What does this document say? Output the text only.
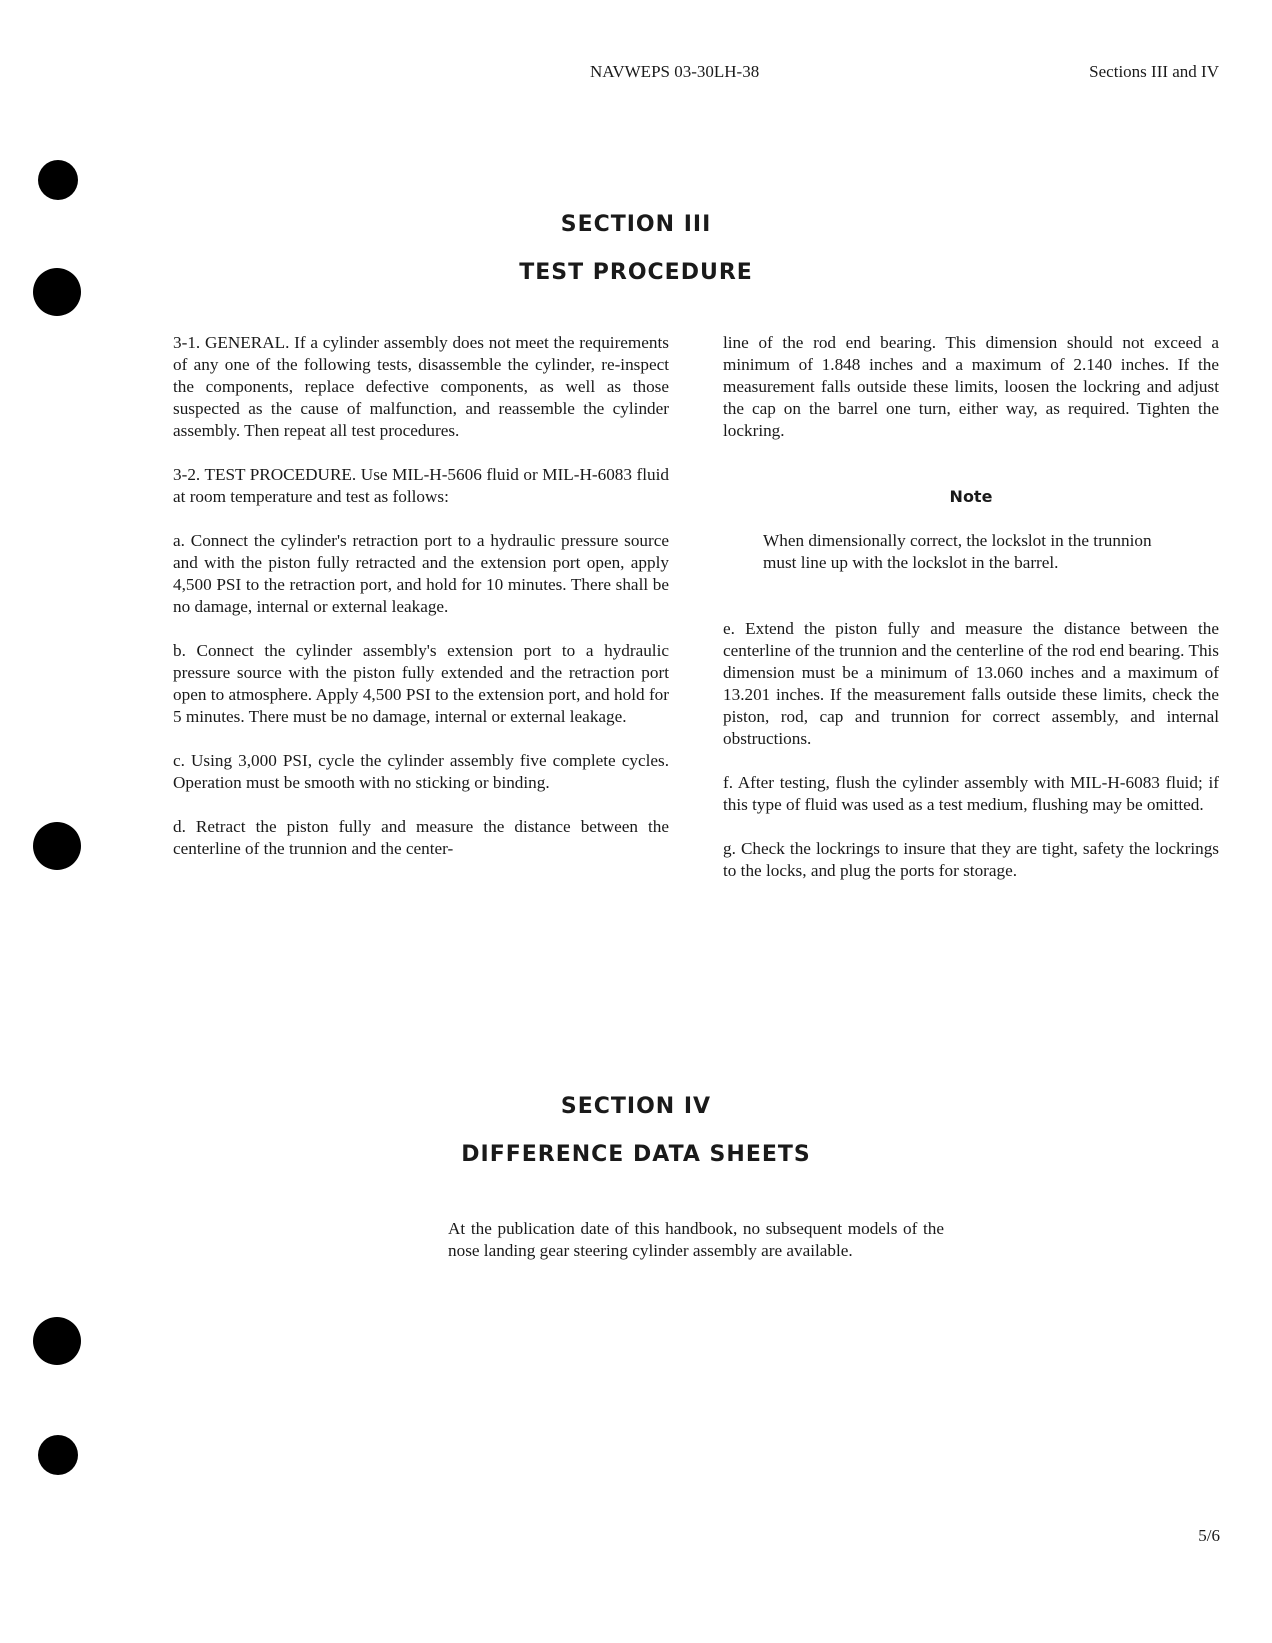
NAVWEPS 03-30LH-38	Sections III and IV
SECTION III
TEST PROCEDURE

3-1. GENERAL. If a cylinder assembly does not meet the requirements of any one of the following tests, disassemble the cylinder, re-inspect the components, replace defective components, as well as those suspected as the cause of malfunction, and reassemble the cylinder assembly. Then repeat all test procedures.

3-2. TEST PROCEDURE. Use MIL-H-5606 fluid or MIL-H-6083 fluid at room temperature and test as follows:

a. Connect the cylinder's retraction port to a hydraulic pressure source and with the piston fully retracted and the extension port open, apply 4,500 PSI to the retraction port, and hold for 10 minutes. There shall be no damage, internal or external leakage.

b. Connect the cylinder assembly's extension port to a hydraulic pressure source with the piston fully extended and the retraction port open to atmosphere. Apply 4,500 PSI to the extension port, and hold for 5 minutes. There must be no damage, internal or external leakage.

c. Using 3,000 PSI, cycle the cylinder assembly five complete cycles. Operation must be smooth with no sticking or binding.

d. Retract the piston fully and measure the distance between the centerline of the trunnion and the center-

line of the rod end bearing. This dimension should not exceed a minimum of 1.848 inches and a maximum of 2.140 inches. If the measurement falls outside these limits, loosen the lockring and adjust the cap on the barrel one turn, either way, as required. Tighten the lockring.

Note

When dimensionally correct, the lockslot in the trunnion must line up with the lockslot in the barrel.

e. Extend the piston fully and measure the distance between the centerline of the trunnion and the centerline of the rod end bearing. This dimension must be a minimum of 13.060 inches and a maximum of 13.201 inches. If the measurement falls outside these limits, check the piston, rod, cap and trunnion for correct assembly, and internal obstructions.

f. After testing, flush the cylinder assembly with MIL-H-6083 fluid; if this type of fluid was used as a test medium, flushing may be omitted.

g. Check the lockrings to insure that they are tight, safety the lockrings to the locks, and plug the ports for storage.

SECTION IV
DIFFERENCE DATA SHEETS
At the publication date of this handbook, no subsequent models of the nose landing gear steering cylinder assembly are available.
5/6
